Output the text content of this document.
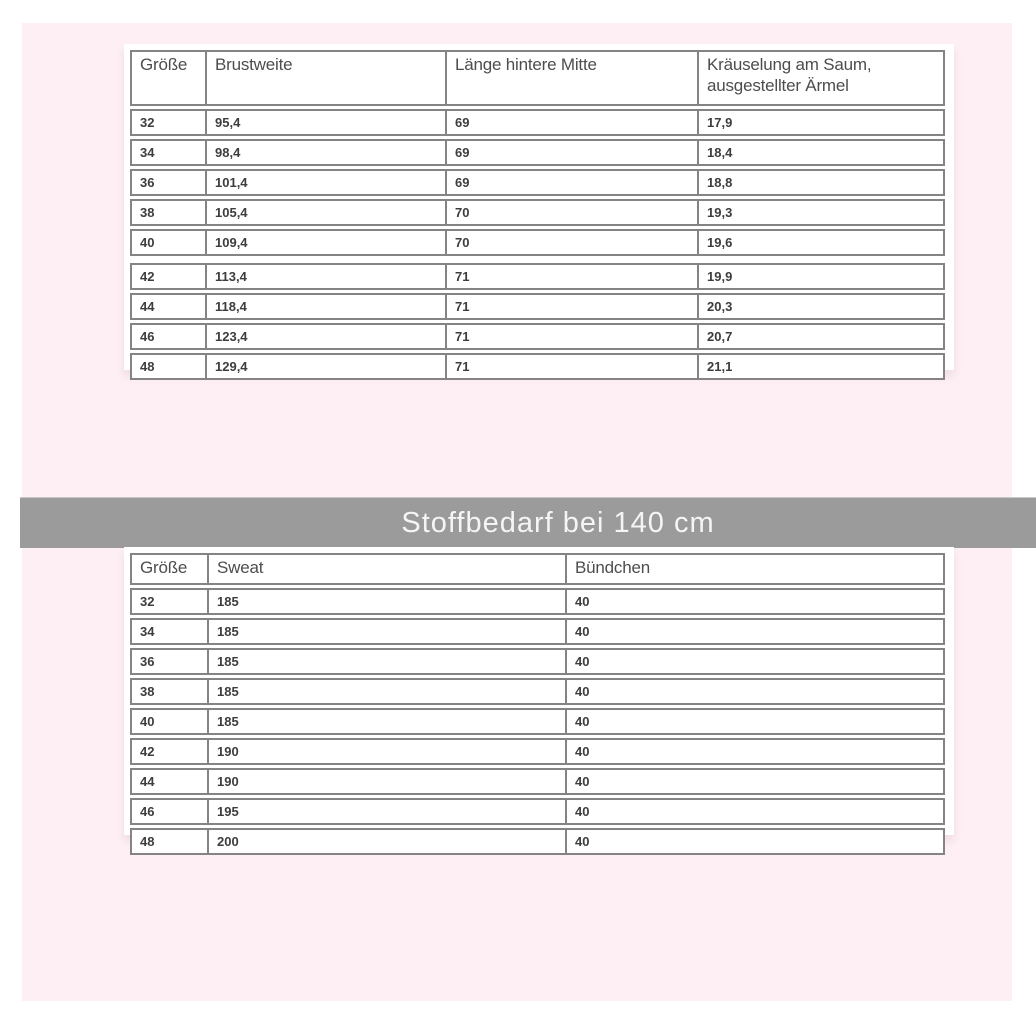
Größe	Brustweite	Länge hintere Mitte	Kräuselung am Saum, ausgestellter Ärmel
32	95,4	69	17,9
34	98,4	69	18,4
36	101,4	69	18,8
38	105,4	70	19,3
40	109,4	70	19,6
42	113,4	71	19,9
44	118,4	71	20,3
46	123,4	71	20,7
48	129,4	71	21,1
Stoffbedarf bei 140 cm
Größe	Sweat	Bündchen
32	185	40
34	185	40
36	185	40
38	185	40
40	185	40
42	190	40
44	190	40
46	195	40
48	200	40
